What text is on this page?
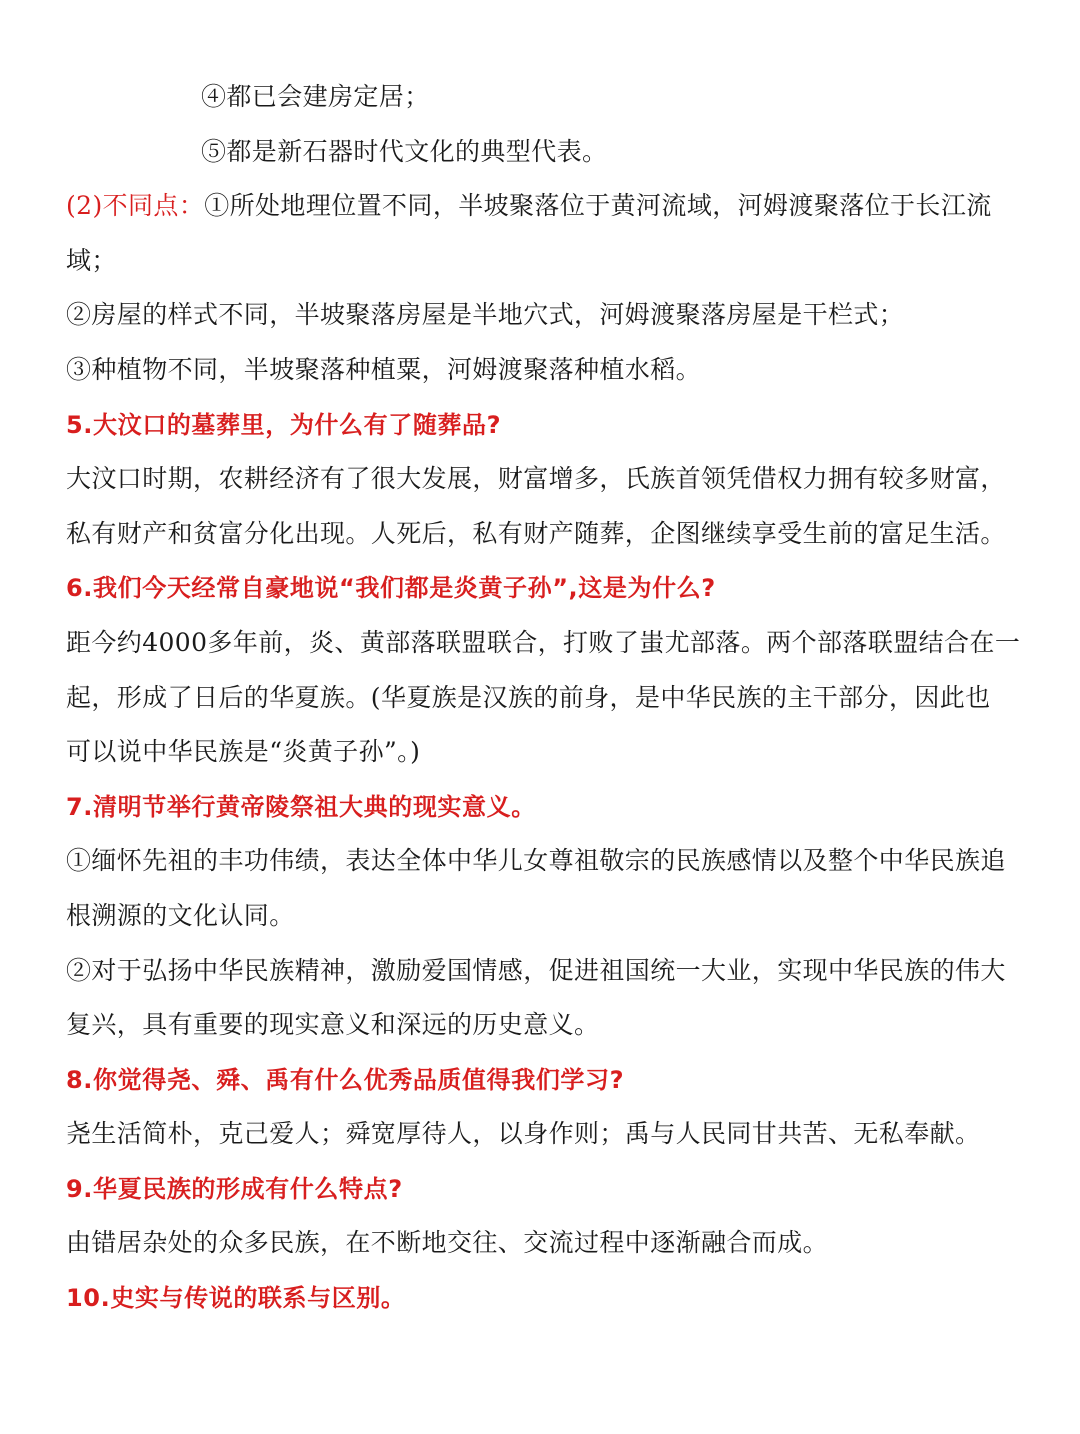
④都已会建房定居；
⑤都是新石器时代文化的典型代表。
(2)不同点：①所处地理位置不同，半坡聚落位于黄河流域，河姆渡聚落位于长江流
域；
②房屋的样式不同，半坡聚落房屋是半地穴式，河姆渡聚落房屋是干栏式；
③种植物不同，半坡聚落种植粟，河姆渡聚落种植水稻。
5.大汶口的墓葬里，为什么有了随葬品?
大汶口时期，农耕经济有了很大发展，财富增多，氏族首领凭借权力拥有较多财富，
私有财产和贫富分化出现。人死后，私有财产随葬，企图继续享受生前的富足生活。
6.我们今天经常自豪地说“我们都是炎黄子孙”,这是为什么?
距今约4000多年前，炎、黄部落联盟联合，打败了蚩尤部落。两个部落联盟结合在一
起，形成了日后的华夏族。(华夏族是汉族的前身，是中华民族的主干部分，因此也
可以说中华民族是“炎黄子孙”。)
7.清明节举行黄帝陵祭祖大典的现实意义。
①缅怀先祖的丰功伟绩，表达全体中华儿女尊祖敬宗的民族感情以及整个中华民族追
根溯源的文化认同。
②对于弘扬中华民族精神，激励爱国情感，促进祖国统一大业，实现中华民族的伟大
复兴，具有重要的现实意义和深远的历史意义。
8.你觉得尧、舜、禹有什么优秀品质值得我们学习?
尧生活简朴，克己爱人；舜宽厚待人，以身作则；禹与人民同甘共苦、无私奉献。
9.华夏民族的形成有什么特点?
由错居杂处的众多民族，在不断地交往、交流过程中逐渐融合而成。
10.史实与传说的联系与区别。
